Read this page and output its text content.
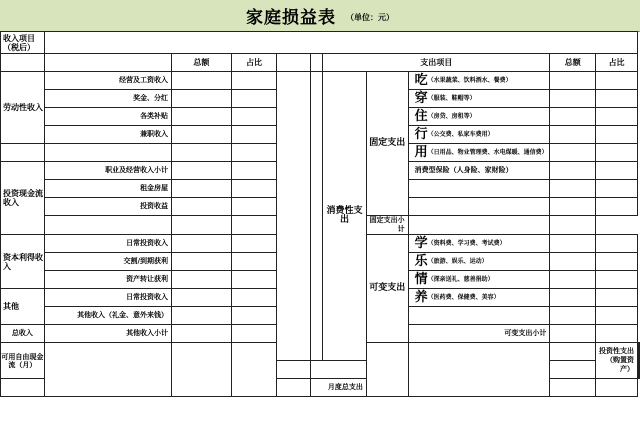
家庭损益表 （单位：元）
收入项目（税后）											
		总额	占比			支出项目			总额	占比	
劳动性收入	经营及工资收入					消费性支出	固定支出	吃（水果蔬菜、饮料酒水、餐费）			
	奖金、分红							穿（服装、鞋帽等）			
	各类补贴							住（房贷、房租等）			
	兼职收入							行（公交费、私家车费用）			
								用（日用品、物业管理费、水电煤暖、通信费）			

投资现金流收入	职业及经营收入小计							消费型保险（人身险、家财险）			
	租金房屋										
	投资收益										
							固定支出小计				
资本利得收入	日常投资收入						可变支出	学（资料费、学习费、考试费）			
	交割/到期获利							乐（旅游、娱乐、运动）			
	资产转让获利							情（探亲送礼、慈善捐助）			
其他	日常投资收入							养（医药费、保健费、美容）			
	其他收入（礼金、意外来钱）										
总收入	其他收入小计							可变支出小计			
可用自由现金流（月）										投资性支出（购置资产）		

					月度总支出						
